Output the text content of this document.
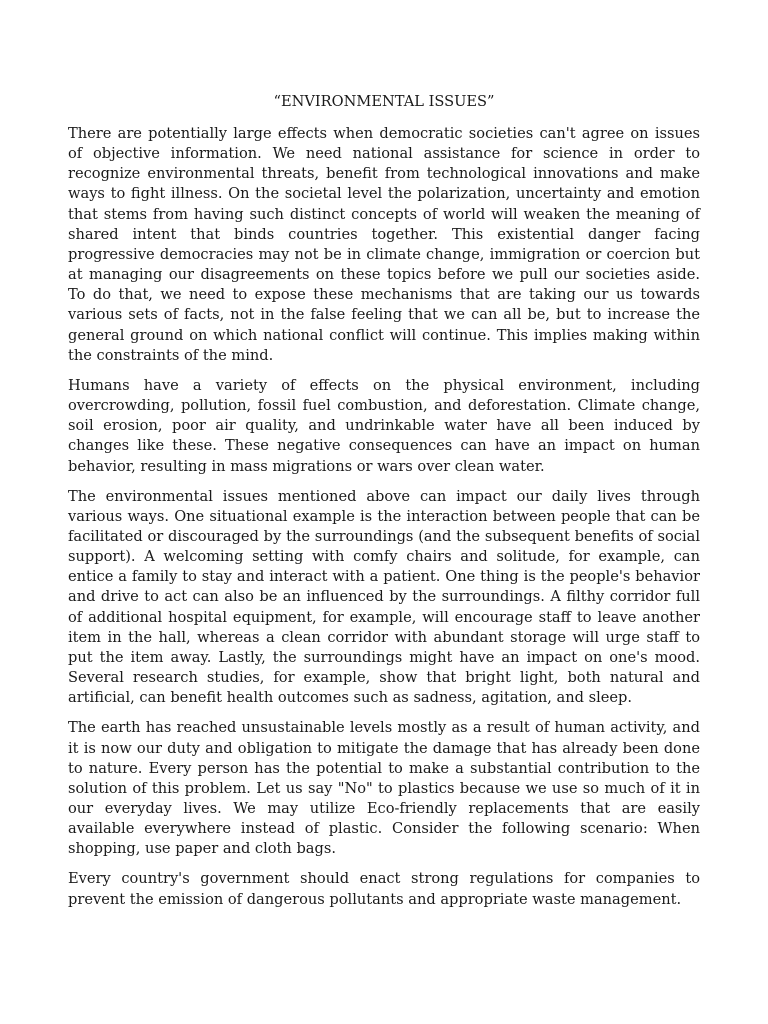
“ENVIRONMENTAL ISSUES”

There are potentially large effects when democratic societies can't agree on issues of objective information. We need national assistance for science in order to recognize environmental threats, benefit from technological innovations and make ways to fight illness. On the societal level the polarization, uncertainty and emotion that stems from having such distinct concepts of world will weaken the meaning of shared intent that binds countries together. This existential danger facing progressive democracies may not be in climate change, immigration or coercion but at managing our disagreements on these topics before we pull our societies aside. To do that, we need to expose these mechanisms that are taking our us towards various sets of facts, not in the false feeling that we can all be, but to increase the general ground on which national conflict will continue. This implies making within the constraints of the mind.

Humans have a variety of effects on the physical environment, including overcrowding, pollution, fossil fuel combustion, and deforestation. Climate change, soil erosion, poor air quality, and undrinkable water have all been induced by changes like these. These negative consequences can have an impact on human behavior, resulting in mass migrations or wars over clean water.

The environmental issues mentioned above can impact our daily lives through various ways. One situational example is the interaction between people that can be facilitated or discouraged by the surroundings (and the subsequent benefits of social support). A welcoming setting with comfy chairs and solitude, for example, can entice a family to stay and interact with a patient. One thing is the people's behavior and drive to act can also be an influenced by the surroundings. A filthy corridor full of additional hospital equipment, for example, will encourage staff to leave another item in the hall, whereas a clean corridor with abundant storage will urge staff to put the item away. Lastly, the surroundings might have an impact on one's mood. Several research studies, for example, show that bright light, both natural and artificial, can benefit health outcomes such as sadness, agitation, and sleep.

The earth has reached unsustainable levels mostly as a result of human activity, and it is now our duty and obligation to mitigate the damage that has already been done to nature. Every person has the potential to make a substantial contribution to the solution of this problem. Let us say "No" to plastics because we use so much of it in our everyday lives. We may utilize Eco-friendly replacements that are easily available everywhere instead of plastic. Consider the following scenario: When shopping, use paper and cloth bags.

Every country's government should enact strong regulations for companies to prevent the emission of dangerous pollutants and appropriate waste management.
